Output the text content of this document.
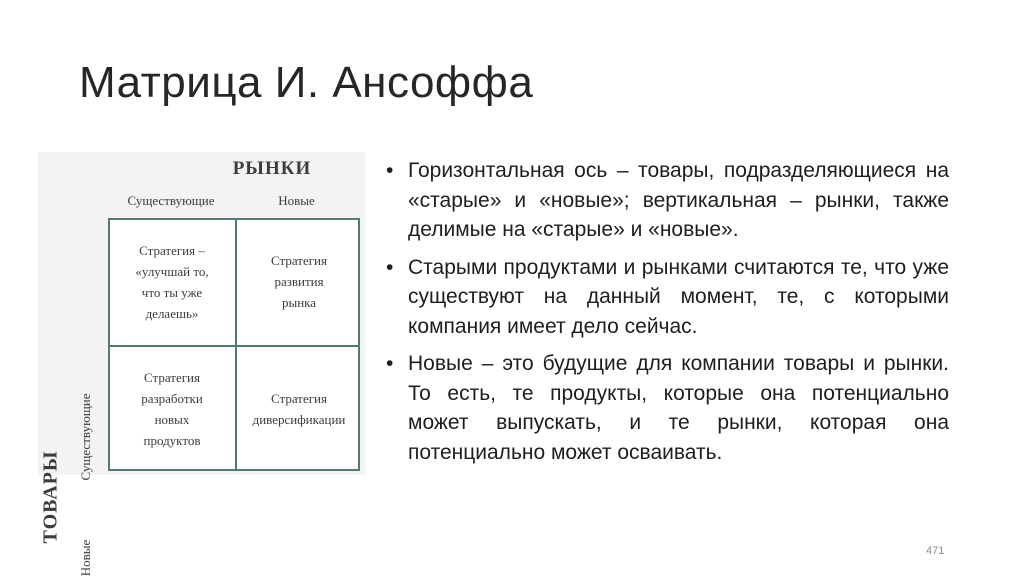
Матрица И. Ансоффа
РЫНКИ
Существующие	Новые
ТОВАРЫ
Существующие
Новые
Стратегия –
«улучшай то,
что ты уже
делаешь»
Стратегия
развития
рынка
Стратегия
разработки
новых
продуктов
Стратегия
диверсификации
• Горизонтальная ось – товары, подразделяющиеся на «старые» и «новые»; вертикальная – рынки, также делимые на «старые» и «новые».
• Старыми продуктами и рынками считаются те, что уже существуют на данный момент, те, с которыми компания имеет дело сейчас.
• Новые – это будущие для компании товары и рынки. То есть, те продукты, которые она потенциально может выпускать, и те рынки, которая она потенциально может осваивать.
471
